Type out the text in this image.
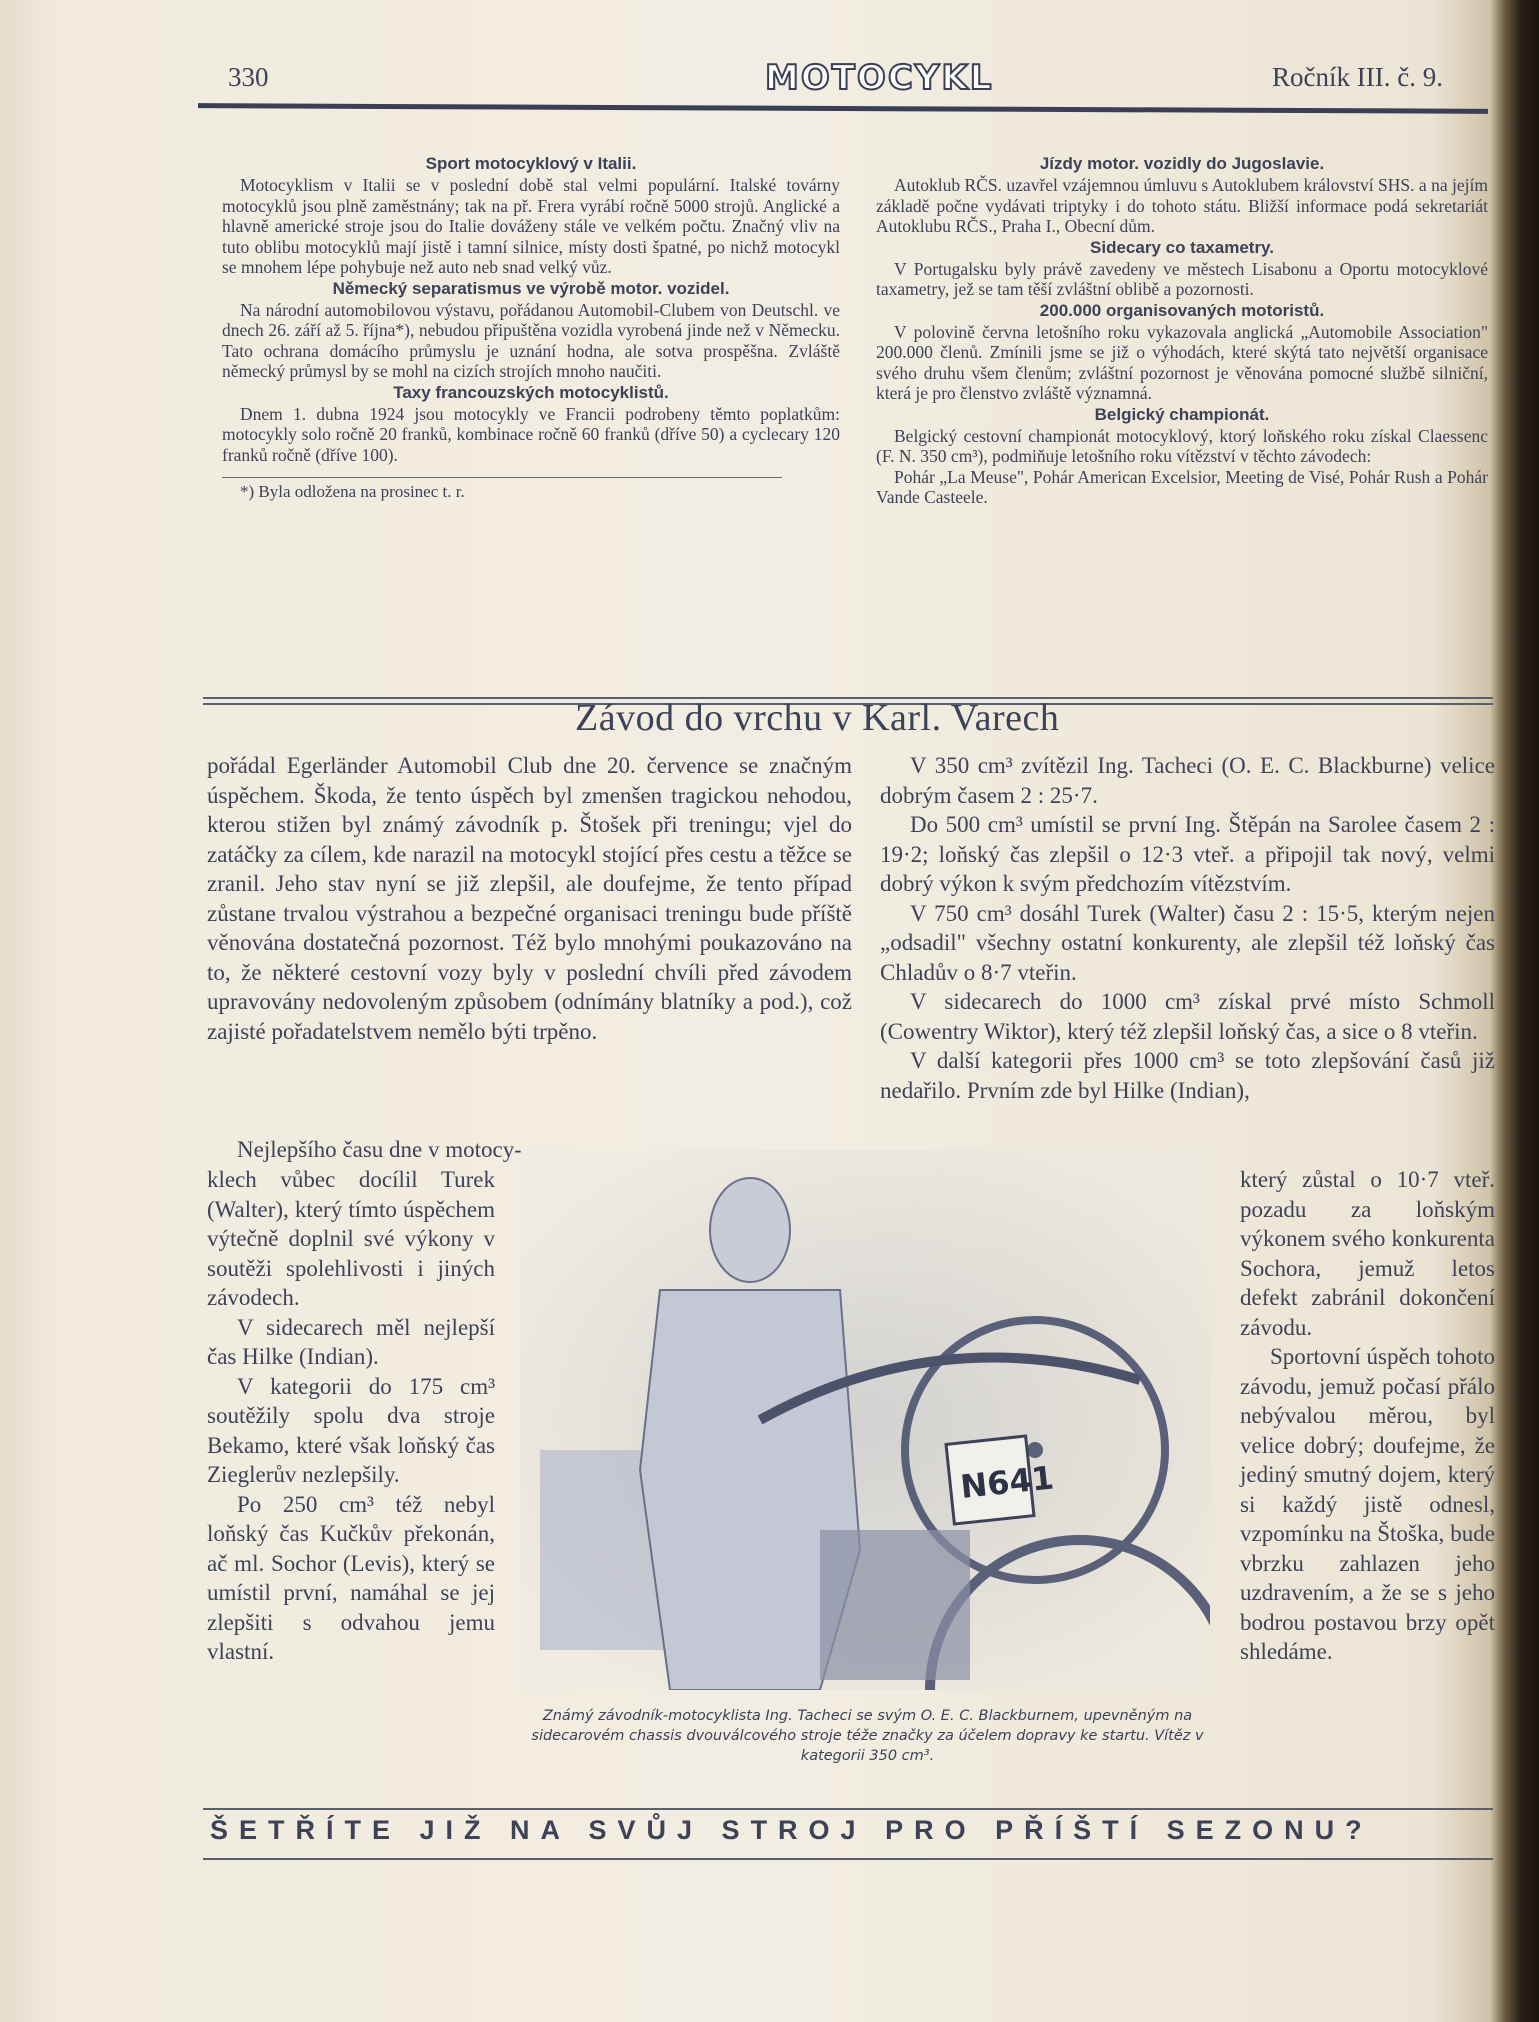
330	MOTOCYKL	Ročník III. č. 9.
Sport motocyklový v Italii.

Motocyklism v Italii se v poslední době stal velmi populární. Italské továrny motocyklů jsou plně zaměstnány; tak na př. Frera vyrábí ročně 5000 strojů. Anglické a hlavně americké stroje jsou do Italie dováženy stále ve velkém počtu. Značný vliv na tuto oblibu motocyklů mají jistě i tamní silnice, místy dosti špatné, po nichž motocykl se mnohem lépe pohybuje než auto neb snad velký vůz.

Německý separatismus ve výrobě motor. vozidel.

Na národní automobilovou výstavu, pořádanou Automobil-Clubem von Deutschl. ve dnech 26. září až 5. října*), nebudou připuštěna vozidla vyrobená jinde než v Německu. Tato ochrana domácího průmyslu je uznání hodna, ale sotva prospěšna. Zvláště německý průmysl by se mohl na cizích strojích mnoho naučiti.

Taxy francouzských motocyklistů.

Dnem 1. dubna 1924 jsou motocykly ve Francii podrobeny těmto poplatkům: motocykly solo ročně 20 franků, kombinace ročně 60 franků (dříve 50) a cyclecary 120 franků ročně (dříve 100).

*) Byla odložena na prosinec t. r.
Jízdy motor. vozidly do Jugoslavie.

Autoklub RČS. uzavřel vzájemnou úmluvu s Autoklubem království SHS. a na jejím základě počne vydávati triptyky i do tohoto státu. Bližší informace podá sekretariát Autoklubu RČS., Praha I., Obecní dům.

Sidecary co taxametry.

V Portugalsku byly právě zavedeny ve městech Lisabonu a Oportu motocyklové taxametry, jež se tam těší zvláštní oblibě a pozornosti.

200.000 organisovaných motoristů.

V polovině června letošního roku vykazovala anglická „Automobile Association" 200.000 členů. Zmínili jsme se již o výhodách, které skýtá tato největší organisace svého druhu všem členům; zvláštní pozornost je věnována pomocné službě silniční, která je pro členstvo zvláště významná.

Belgický championát.

Belgický cestovní championát motocyklový, ktorý loňského roku získal Claessenc (F. N. 350 cm³), podmiňuje letošního roku vítězství v těchto závodech:

Pohár „La Meuse", Pohár American Excelsior, Meeting de Visé, Pohár Rush a Pohár Vande Casteele.

Závod do vrchu v Karl. Varech

pořádal Egerländer Automobil Club dne 20. července se značným úspěchem. Škoda, že tento úspěch byl zmenšen tragickou nehodou, kterou stižen byl známý závodník p. Štošek při treningu; vjel do zatáčky za cílem, kde narazil na motocykl stojící přes cestu a těžce se zranil. Jeho stav nyní se již zlepšil, ale doufejme, že tento případ zůstane trvalou výstrahou a bezpečné organisaci treningu bude příště věnována dostatečná pozornost. Též bylo mnohými poukazováno na to, že některé cestovní vozy byly v poslední chvíli před závodem upravovány nedovoleným způsobem (odnímány blatníky a pod.), což zajisté pořadatelstvem nemělo býti trpěno.

Nejlepšího času dne v motocy-

klech vůbec docílil Turek (Walter), který tímto úspěchem výtečně doplnil své výkony v soutěži spolehlivosti i jiných závodech.

V sidecarech měl nejlepší čas Hilke (Indian).

V kategorii do 175 cm³ soutěžily spolu dva stroje Bekamo, které však loňský čas Zieglerův nezlepšily.

Po 250 cm³ též nebyl loňský čas Kučkův překonán, ač ml. Sochor (Levis), který se umístil první, namáhal se jej zlepšiti s odvahou jemu vlastní.

V 350 cm³ zvítězil Ing. Tacheci (O. E. C. Blackburne) velice dobrým časem 2 : 25·7.

Do 500 cm³ umístil se první Ing. Štěpán na Sarolee časem 2 : 19·2; loňský čas zlepšil o 12·3 vteř. a připojil tak nový, velmi dobrý výkon k svým předchozím vítězstvím.

V 750 cm³ dosáhl Turek (Walter) času 2 : 15·5, kterým nejen „odsadil" všechny ostatní konkurenty, ale zlepšil též loňský čas Chladův o 8·7 vteřin.

V sidecarech do 1000 cm³ získal prvé místo Schmoll (Cowentry Wiktor), který též zlepšil loňský čas, a sice o 8 vteřin.

V další kategorii přes 1000 cm³ se toto zlepšování časů již nedařilo. Prvním zde byl Hilke (Indian),

který zůstal o 10·7 vteř. pozadu za loňským výkonem svého konkurenta Sochora, jemuž letos defekt zabránil dokončení závodu.

Sportovní úspěch tohoto závodu, jemuž počasí přálo nebývalou měrou, byl velice dobrý; doufejme, že jediný smutný dojem, který si každý jistě odnesl, vzpomínku na Štoška, bude vbrzku zahlazen jeho uzdravením, a že se s jeho bodrou postavou brzy opět shledáme.

N641
Známý závodník-motocyklista Ing. Tacheci se svým O. E. C. Blackburnem, upevněným na sidecarovém chassis dvouválcového stroje téže značky za účelem dopravy ke startu. Vítěz v kategorii 350 cm³.
ŠETŘÍTE JIŽ NA SVŮJ STROJ PRO PŘÍŠTÍ SEZONU?
